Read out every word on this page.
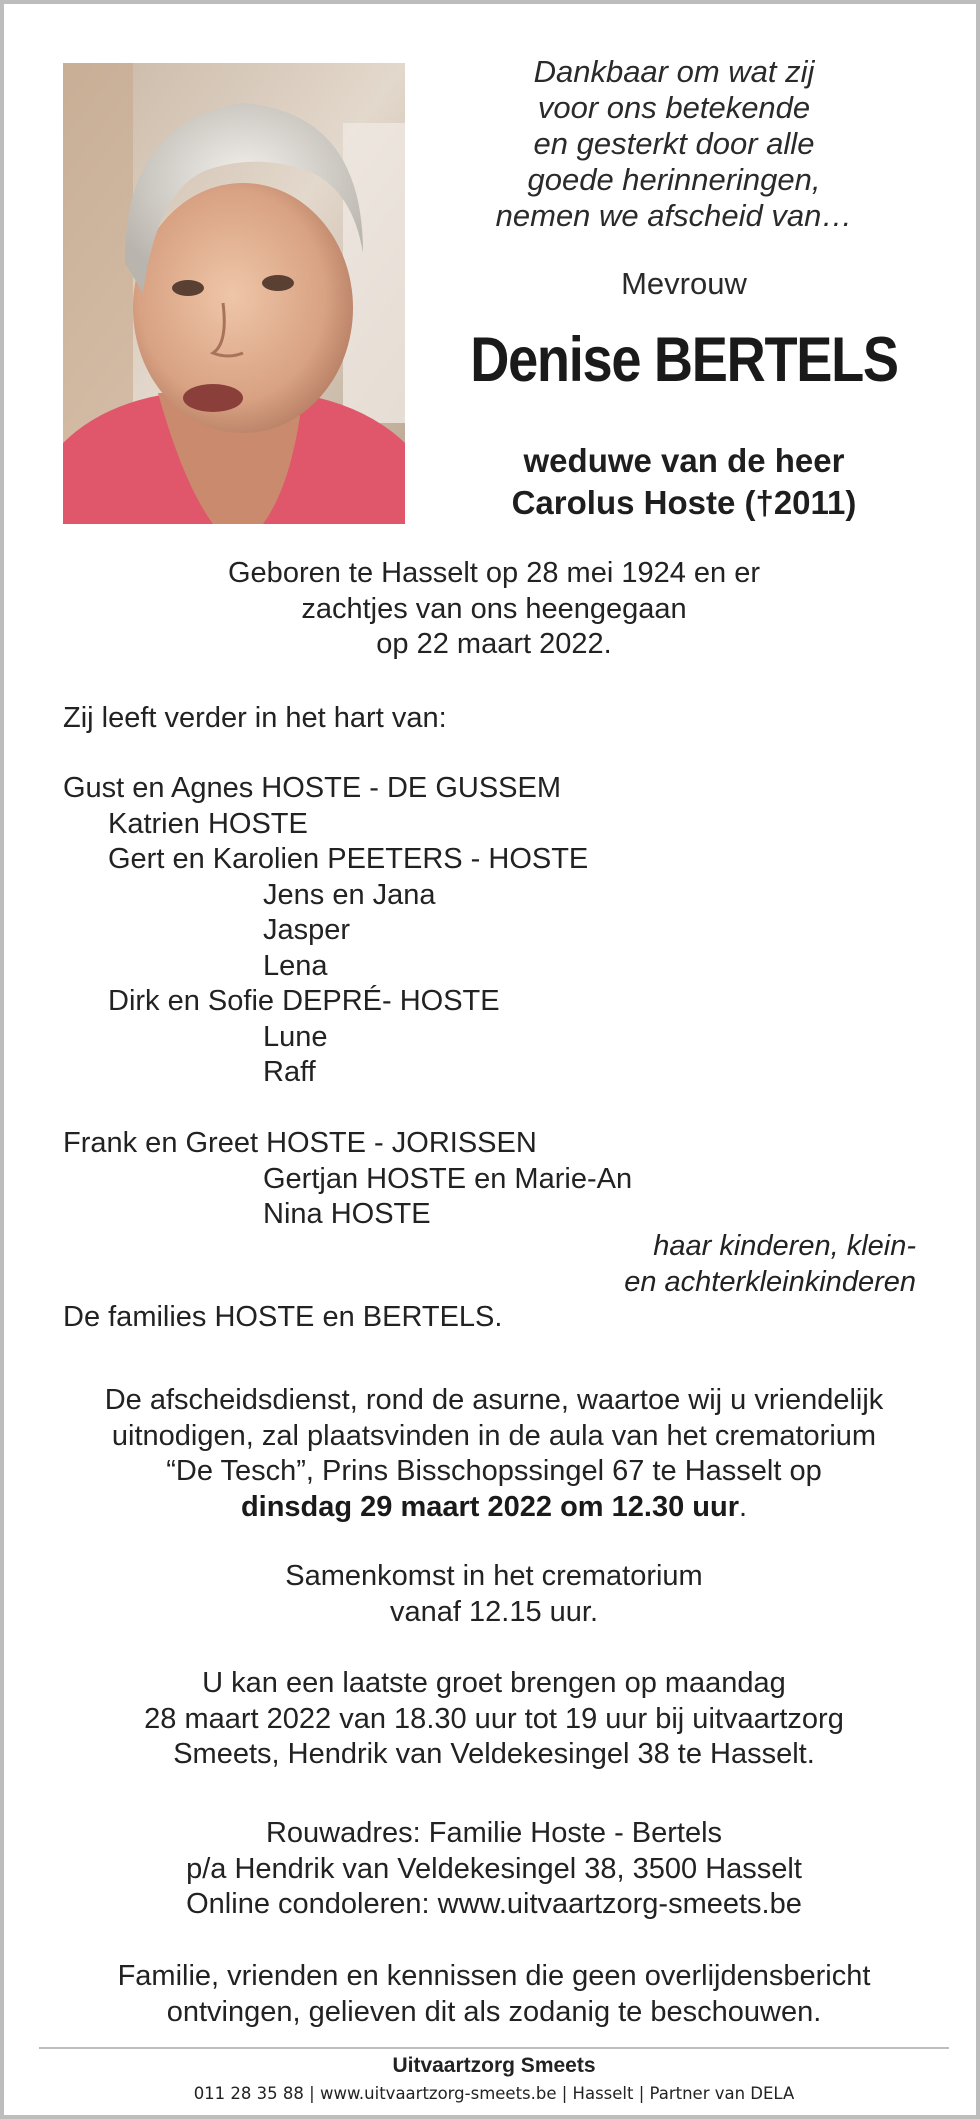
Dankbaar om wat zij
voor ons betekende
en gesterkt door alle
goede herinneringen,
nemen we afscheid van…
Mevrouw
Denise BERTELS
weduwe van de heer
Carolus Hoste (†2011)
Geboren te Hasselt op 28 mei 1924 en er
zachtjes van ons heengegaan
op 22 maart 2022.
Zij leeft verder in het hart van:
Gust en Agnes HOSTE - DE GUSSEM
Katrien HOSTE
Gert en Karolien PEETERS - HOSTE
Jens en Jana
Jasper
Lena
Dirk en Sofie DEPRÉ- HOSTE
Lune
Raff
Frank en Greet HOSTE - JORISSEN
Gertjan HOSTE en Marie-An
Nina HOSTE
haar kinderen, klein-
en achterkleinkinderen
De families HOSTE en BERTELS.
De afscheidsdienst, rond de asurne, waartoe wij u vriendelijk
uitnodigen, zal plaatsvinden in de aula van het crematorium
“De Tesch”, Prins Bisschopssingel 67 te Hasselt op
dinsdag 29 maart 2022 om 12.30 uur.
Samenkomst in het crematorium
vanaf 12.15 uur.
U kan een laatste groet brengen op maandag
28 maart 2022 van 18.30 uur tot 19 uur bij uitvaartzorg
Smeets, Hendrik van Veldekesingel 38 te Hasselt.
Rouwadres: Familie Hoste - Bertels
p/a Hendrik van Veldekesingel 38, 3500 Hasselt
Online condoleren: www.uitvaartzorg-smeets.be
Familie, vrienden en kennissen die geen overlijdensbericht
ontvingen, gelieven dit als zodanig te beschouwen.
Uitvaartzorg Smeets
011 28 35 88 | www.uitvaartzorg-smeets.be | Hasselt | Partner van DELA
